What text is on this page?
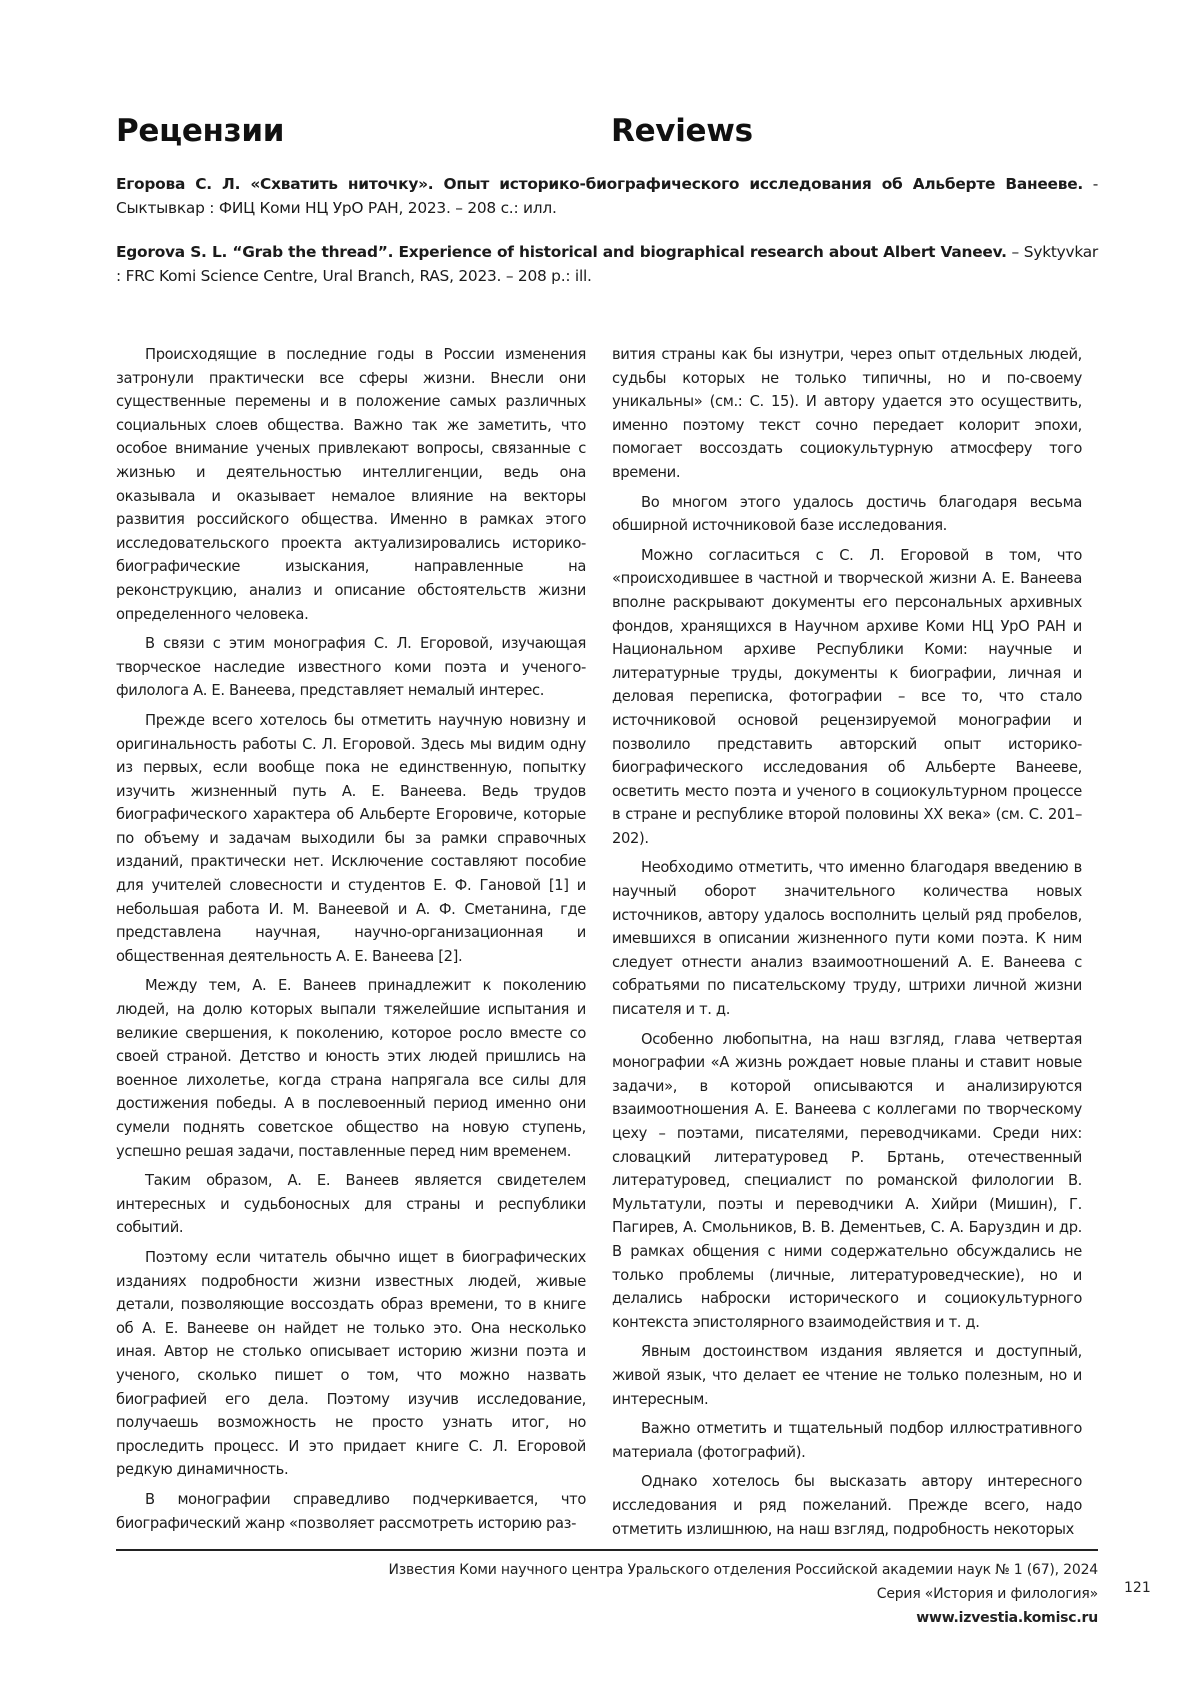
Рецензии	Reviews
Егорова С. Л. «Схватить ниточку». Опыт историко-биографического исследования об Альберте Ванееве. - Сыктывкар : ФИЦ Коми НЦ УрО РАН, 2023. – 208 с.: илл.
Egorova S. L. “Grab the thread”. Experience of historical and biographical research about Albert Vaneev. – Syktyvkar : FRC Komi Science Centre, Ural Branch, RAS, 2023. – 208 p.: ill.

Происходящие в последние годы в России изменения затронули практически все сферы жизни. Внесли они существенные перемены и в положение самых различных социальных слоев общества. Важно так же заметить, что особое внимание ученых привлекают вопросы, связанные с жизнью и деятельностью интеллигенции, ведь она оказывала и оказывает немалое влияние на векторы развития российского общества. Именно в рамках этого исследовательского проекта актуализировались историко-биографические изыскания, направленные на реконструкцию, анализ и описание обстоятельств жизни определенного человека.

В связи с этим монография С. Л. Егоровой, изучающая творческое наследие известного коми поэта и ученого-филолога А. Е. Ванеева, представляет немалый интерес.

Прежде всего хотелось бы отметить научную новизну и оригинальность работы С. Л. Егоровой. Здесь мы видим одну из первых, если вообще пока не единственную, попытку изучить жизненный путь А. Е. Ванеева. Ведь трудов биографического характера об Альберте Егоровиче, которые по объему и задачам выходили бы за рамки справочных изданий, практически нет. Исключение составляют пособие для учителей словесности и студентов Е. Ф. Гановой [1] и небольшая работа И. М. Ванеевой и А. Ф. Сметанина, где представлена научная, научно-организационная и общественная деятельность А. Е. Ванеева [2].

Между тем, А. Е. Ванеев принадлежит к поколению людей, на долю которых выпали тяжелейшие испытания и великие свершения, к поколению, которое росло вместе со своей страной. Детство и юность этих людей пришлись на военное лихолетье, когда страна напрягала все силы для достижения победы. А в послевоенный период именно они сумели поднять советское общество на новую ступень, успешно решая задачи, поставленные перед ним временем.

Таким образом, А. Е. Ванеев является свидетелем интересных и судьбоносных для страны и республики событий.

Поэтому если читатель обычно ищет в биографических изданиях подробности жизни известных людей, живые детали, позволяющие воссоздать образ времени, то в книге об А. Е. Ванееве он найдет не только это. Она несколько иная. Автор не столько описывает историю жизни поэта и ученого, сколько пишет о том, что можно назвать биографией его дела. Поэтому изучив исследование, получаешь возможность не просто узнать итог, но проследить процесс. И это придает книге С. Л. Егоровой редкую динамичность.

В монографии справедливо подчеркивается, что биографический жанр «позволяет рассмотреть историю раз-

вития страны как бы изнутри, через опыт отдельных людей, судьбы которых не только типичны, но и по-своему уникальны» (см.: С. 15). И автору удается это осуществить, именно поэтому текст сочно передает колорит эпохи, помогает воссоздать социокультурную атмосферу того времени.

Во многом этого удалось достичь благодаря весьма обширной источниковой базе исследования.

Можно согласиться с С. Л. Егоровой в том, что «происходившее в частной и творческой жизни А. Е. Ванеева вполне раскрывают документы его персональных архивных фондов, хранящихся в Научном архиве Коми НЦ УрО РАН и Национальном архиве Республики Коми: научные и литературные труды, документы к биографии, личная и деловая переписка, фотографии – все то, что стало источниковой основой рецензируемой монографии и позволило представить авторский опыт историко-биографического исследования об Альберте Ванееве, осветить место поэта и ученого в социокультурном процессе в стране и республике второй половины XX века» (см. С. 201–202).

Необходимо отметить, что именно благодаря введению в научный оборот значительного количества новых источников, автору удалось восполнить целый ряд пробелов, имевшихся в описании жизненного пути коми поэта. К ним следует отнести анализ взаимоотношений А. Е. Ванеева с собратьями по писательскому труду, штрихи личной жизни писателя и т. д.

Особенно любопытна, на наш взгляд, глава четвертая монографии «А жизнь рождает новые планы и ставит новые задачи», в которой описываются и анализируются взаимоотношения А. Е. Ванеева с коллегами по творческому цеху – поэтами, писателями, переводчиками. Среди них: словацкий литературовед Р. Бртань, отечественный литературовед, специалист по романской филологии В. Мультатули, поэты и переводчики А. Хийри (Мишин), Г. Пагирев, А. Смольников, В. В. Дементьев, С. А. Баруздин и др. В рамках общения с ними содержательно обсуждались не только проблемы (личные, литературоведческие), но и делались наброски исторического и социокультурного контекста эпистолярного взаимодействия и т. д.

Явным достоинством издания является и доступный, живой язык, что делает ее чтение не только полезным, но и интересным.

Важно отметить и тщательный подбор иллюстративного материала (фотографий).

Однако хотелось бы высказать автору интересного исследования и ряд пожеланий. Прежде всего, надо отметить излишнюю, на наш взгляд, подробность некоторых

Известия Коми научного центра Уральского отделения Российской академии наук № 1 (67), 2024
Серия «История и филология»
www.izvestia.komisc.ru
121
